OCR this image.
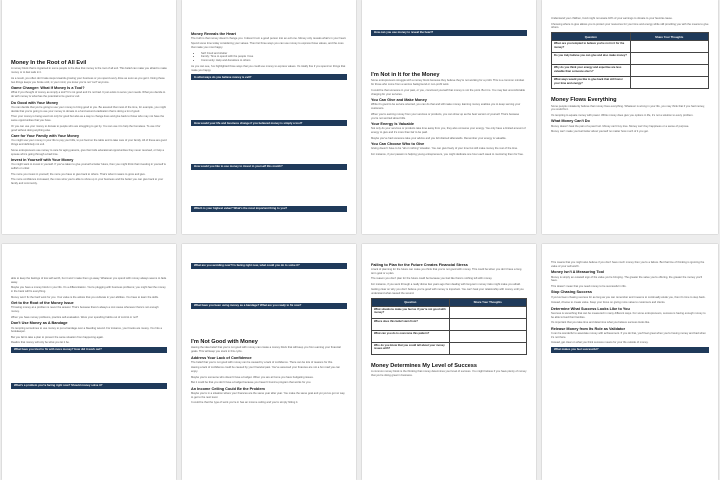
Money In the Root of All Evil

A money block that is ingrained in some people is the idea that money is the root of all evil. This belief can make you afraid to make money or to feel safe in it.

As a result, you often don't take steps towards growing your business or you spend every dime as soon as you get it. Doing these two things keeps you broke until, in your mind, you know you're not "evil" anymore.

Game Changer: What If Money Is a Tool?

What if you thought of money as simply a tool? It's not good and it's not bad. It just exists to serve your needs. What you decide to do with money is what has the potential to be good or evil.

Do Good with Your Money

You can decide that you're going to use your money to bring good to you. Be assured that most of the time, for example, you might decide that you're going to use your money to donate to a fund around eradication that is doing a lot of good.

Then your money is being used not only for good but also as a way to change lives and give back to those who may not have the same opportunities that you have.

Or you can use your money to donate to people who are struggling to get by. You can use it to help the homeless. To use it for good without doing anything else.

Care for Your Family with Your Money

You might use your money in your life to pay your bills, to put food on the table and to take care of your family. All of these are good things and definitely not evil.

Some entrepreneurs use money to care for aging parents, give their kids educational opportunities they never received, or help a spouse who's going through a bad time.

Invest in Yourself with Your Money

You might want to invest in yourself. If you've taken to give yourself a better future, then you might think that investing in yourself is selfish or unfair.

The more you invest in yourself, the more you have to give back to others. That's what it means to grow and give.

The more confidence increased, the more wins you're able to show up in your business and the better you can give back to your family and community.

Money Reveals the Heart

The truth is that money doesn't change you. It doesn't turn a good person into an evil one. Money only reveals what's in your heart.

Spend some time today considering your values. Then list three ways you can use money to express those values, and the ones that make you most happy.

• Self: Food and shelter
• Family: Time to spend with the people I love
• Community: Help and donations to others

As you can see, I've highlighted three ways that you could use money to express values. It's totally fine if you spend on things that make you happy.

In what ways do you believe money is evil?
How would your life and business change if you believed money is simply a tool?
How would you like to use money to invest in yourself this month?
Which is your highest value? What's the most important thing to you?
How can you use money to reveal the heart?
I'm Not in It for the Money

Some entrepreneurs struggle with a money block because they believe they're not working for a profit. This is a common mindset for those who come from a service background or non-profit work.

It could be that someone in your past, or you, convinced yourself that money is not the point. But it is. You may feel uncomfortable charging for your services.

You Can Give and Make Money

While it's good to be service oriented, you can do that and still make money. Earning money enables you to keep serving your customers.

When you're earning money from your services or products, you can show up as the best version of yourself. That's because you're not worried about bills.

Your Energy Is Valuable

Not only do your services or products take time away from you, they also consume your energy. You only have a limited amount of energy to give and it's more than fair to be paid.

Maybe you've had someone take your advice and you felt drained afterwards. Remember your energy is valuable.

You Can Choose Who to Give

Giving doesn't have to be "all or nothing" situation. You can give freely of your time but still make money the rest of the time.

For instance, if your passion is helping young entrepreneurs, you might dedicate one hour each week to mentoring them for free.

Understand your children, food might not waste 10% of your earnings to donate to your favorite cause.

Choosing where to give allows you to protect your resources for your time and energy while still providing you with the means to give others.

Question	Share Your Thoughts
When are you tempted to believe you're not in it for the money?	
Do you truly believe you can give and also make money?	
Why do you think your energy and expertise are less valuable than someone else's?	
What ways would you like to give back that still honor your time and energy?	
Money Flows Everything

Some people mistakenly believe that money fixes everything. Whatever is wrong in your life, you may think that if you had money, you could fix it.

It's tempting to equate money with power. While money does give you options in life, it's not a solution to every problem.

What Money Can't Do

Money doesn't heal the pain of a past hurt. Money can't buy love. Money can't buy happiness or a sense of purpose.

Money can't make you feel better about yourself no matter how much of it you get.

able to keep the feelings of low self-worth, but it won't make them go away. Whatever you spend with money always seems to fade away.

Maybe you have a money block in your life. It's a differentiation. You're plugging with business problems; you might feel the money in the bank will fix everything.

Money won't fix the hard work for you. Your value is the advice that you cultivate in your abilities. You have to learn the skills.

Get to the Root of the Money Issue

Throwing money at a problem is never the answer. That's because there's always a root cause whenever there's not enough money.

When you have money problems, practice self-evaluation. Were your spending habits out of control or not?

Don't Use Money as A Bandage

It's tempting sometimes to use money to put a bandage over a bleeding wound. For instance, your books are messy. You hire a bookkeeper.

But you fail to take a plan to prevent the same situation from happening again.

Realize that money will only be what you let it be.

What have you tried to fix with more money? How did it work out?
What's a problem you're facing right now? Should money solve it?
What are you avoiding now?/ Is facing right now, what could you do to solve it?
What have you been using money as a bandage? What are you ready to fix now?
I'm Not Good with Money

Having the idea belief that you're not good with money can create a money block that will keep you from earning your financial goals. This will keep you stuck in this cycle.

Address Your Lack of Confidence

The belief that you're not good with money can be caused by a lack of confidence. There can be lots of reasons for this.

Having a lack of confidence could be caused by your financial past. You've assumed your finances are not a fun road you can enjoy.

Maybe you're someone who doesn't have a budget. When you are at home you have budgeting issues.

But it could be that you don't have a budget because you haven't found a program that works for you.

An Income Ceiling Could Be the Problem

Maybe you're in a situation where your finances are the same year after year. You make the same goal and yet you've got no way to get to the next level.

It could be that the type of work you're in has an income ceiling and you're simply hitting it.

Failing to Plan for the Future Creates Financial Stress

A lack of planning for the future can make you think that you're not good with money. This could be when you don't have a long term goal or a plan.

The reason you don't plan for the future could be because you feel like there's nothing left with money.

For instance, if you went through a really divine few years ago then dealing with long-term money risks might make you afraid.

Getting clear on why you don't believe you're good with money is important. You can't heal your relationship with money until you understand what caused the wound.

Question	Share Your Thoughts
What situations make you feel as if you're not good with money?	
Where does this belief stem from?	
What can you do to overcome this pattern?	
Who do you know that you could tell about your money issues with?	
Money Determines My Level of Success

A common money block is the thinking that money determines your level of success. You might believe if you have plenty of money that you're doing great in business.

This means that you might also believe if you don't have much money then you're a failure. But that line of thinking is ignoring the value of your self-worth.

Money Isn't A Measuring Tool

Money is simply an outward sign of the value you're bringing. The greater the value you're offering, the greater the money you'll have.

This doesn't mean that you need money to be successful in life.

Stop Chasing Success

If you've been chasing success for as long as you can remember and it seems to continually elude you, then it's time to step back.

Instead, choose to create value. Keep your focus on giving more value to customers and clients.

Determine What Success Looks Like to You

Success is something that can be measured in many different ways. For some entrepreneurs, success is having enough money to be able to feed their families.

It's important that you take time and determine what you believe success looks like.

Release Money from Its Role as Validator

It can be wonderful to associate money with achievement. If you do that, you'll feel great when you're having money and bad when it's not there.

Instead, get clear on what you think success means for your life outside of money.

What makes you feel successful?
